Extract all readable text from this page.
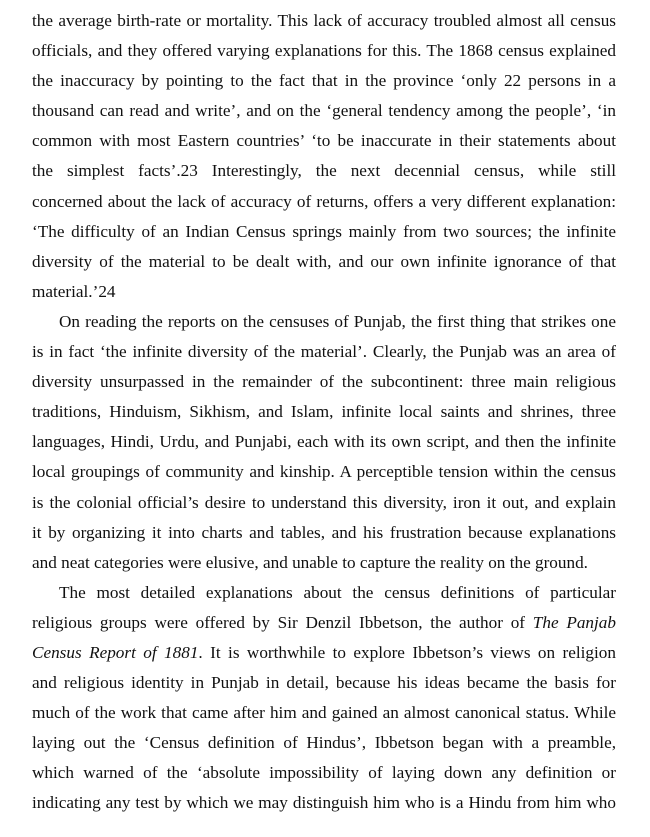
the average birth-rate or mortality. This lack of accuracy troubled almost all census
officials, and they offered varying explanations for this. The 1868 census explained
the inaccuracy by pointing to the fact that in the province ‘only 22 persons in a
thousand can read and write’, and on the ‘general tendency among the people’, ‘in
common with most Eastern countries’ ‘to be inaccurate in their statements about
the simplest facts’.23 Interestingly, the next decennial census, while still
concerned about the lack of accuracy of returns, offers a very different explanation:
‘The difficulty of an Indian Census springs mainly from two sources; the infinite
diversity of the material to be dealt with, and our own infinite ignorance of that
material.’24
On reading the reports on the censuses of Punjab, the first thing that strikes one
is in fact ‘the infinite diversity of the material’. Clearly, the Punjab was an area of
diversity unsurpassed in the remainder of the subcontinent: three main religious
traditions, Hinduism, Sikhism, and Islam, infinite local saints and shrines, three
languages, Hindi, Urdu, and Punjabi, each with its own script, and then the infinite
local groupings of community and kinship. A perceptible tension within the census
is the colonial official’s desire to understand this diversity, iron it out, and explain
it by organizing it into charts and tables, and his frustration because explanations
and neat categories were elusive, and unable to capture the reality on the ground.
The most detailed explanations about the census definitions of particular
religious groups were offered by Sir Denzil Ibbetson, the author of The Panjab
Census Report of 1881. It is worthwhile to explore Ibbetson’s views on religion
and religious identity in Punjab in detail, because his ideas became the basis for
much of the work that came after him and gained an almost canonical status. While
laying out the ‘Census definition of Hindus’, Ibbetson began with a preamble,
which warned of the ‘absolute impossibility of laying down any definition or
indicating any test by which we may distinguish him who is a Hindu from him who
